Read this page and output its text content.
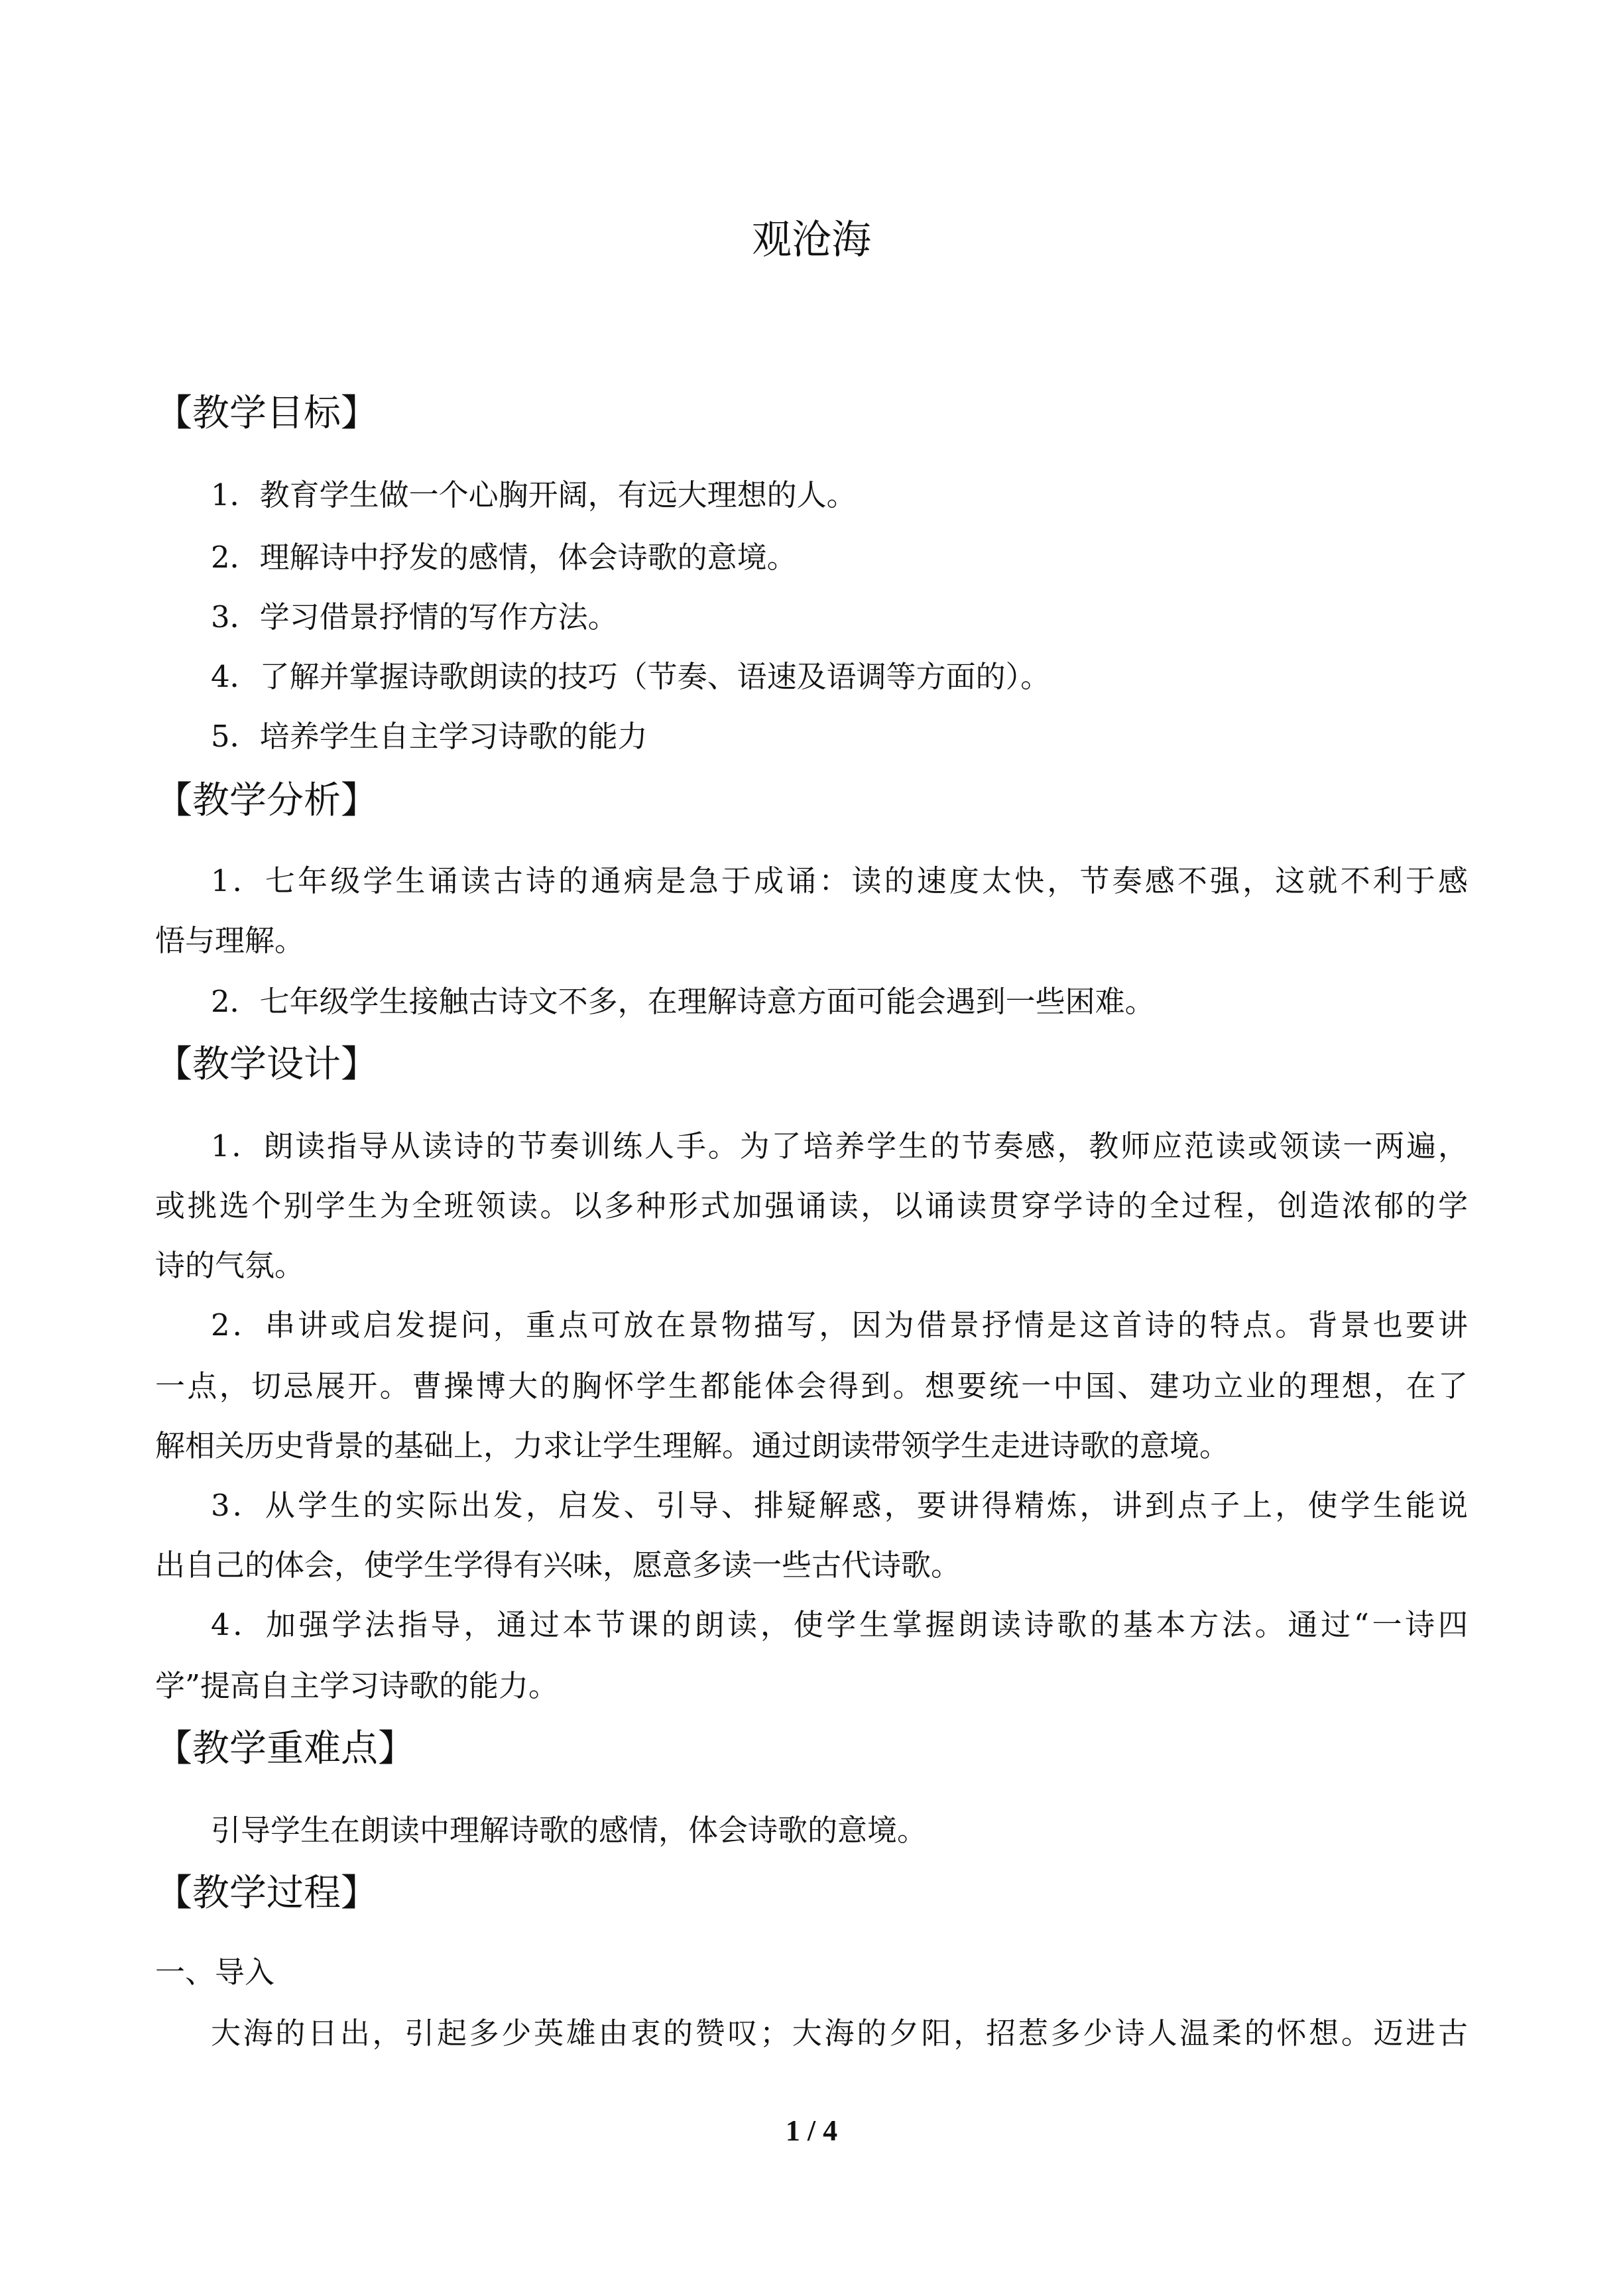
观沧海
【教学目标】
1．教育学生做一个心胸开阔，有远大理想的人。
2．理解诗中抒发的感情，体会诗歌的意境。
3．学习借景抒情的写作方法。
4．了解并掌握诗歌朗读的技巧（节奏、语速及语调等方面的）。
5．培养学生自主学习诗歌的能力
【教学分析】
1．七年级学生诵读古诗的通病是急于成诵：读的速度太快，节奏感不强，这就不利于感
悟与理解。
2．七年级学生接触古诗文不多，在理解诗意方面可能会遇到一些困难。
【教学设计】
1．朗读指导从读诗的节奏训练人手。为了培养学生的节奏感，教师应范读或领读一两遍，
或挑选个别学生为全班领读。以多种形式加强诵读，以诵读贯穿学诗的全过程，创造浓郁的学
诗的气氛。
2．串讲或启发提问，重点可放在景物描写，因为借景抒情是这首诗的特点。背景也要讲
一点，切忌展开。曹操博大的胸怀学生都能体会得到。想要统一中国、建功立业的理想，在了
解相关历史背景的基础上，力求让学生理解。通过朗读带领学生走进诗歌的意境。
3．从学生的实际出发，启发、引导、排疑解惑，要讲得精炼，讲到点子上，使学生能说
出自己的体会，使学生学得有兴味，愿意多读一些古代诗歌。
4．加强学法指导，通过本节课的朗读，使学生掌握朗读诗歌的基本方法。通过“一诗四
学”提高自主学习诗歌的能力。
【教学重难点】
引导学生在朗读中理解诗歌的感情，体会诗歌的意境。
【教学过程】
一、导入
大海的日出，引起多少英雄由衷的赞叹；大海的夕阳，招惹多少诗人温柔的怀想。迈进古
1 / 4
